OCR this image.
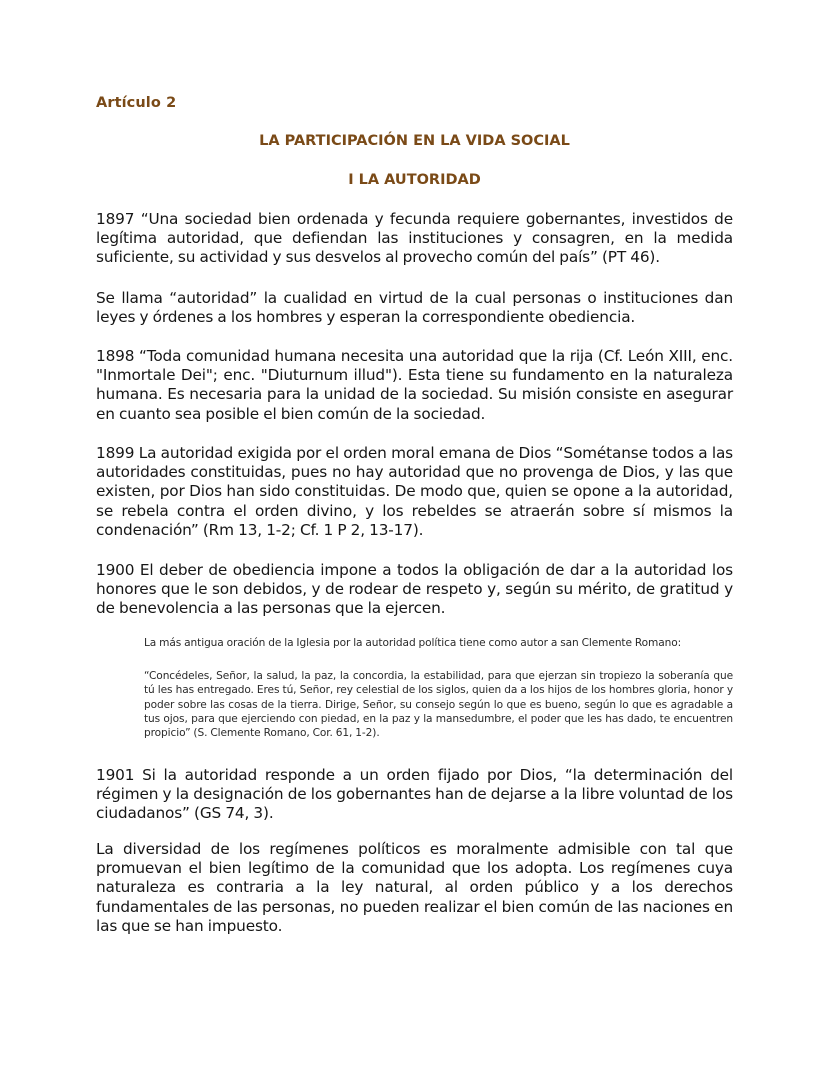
Artículo 2
LA PARTICIPACIÓN EN LA VIDA SOCIAL
I LA AUTORIDAD

1897 “Una sociedad bien ordenada y fecunda requiere gobernantes, investidos de legítima autoridad, que defiendan las instituciones y consagren, en la medida suficiente, su actividad y sus desvelos al provecho común del país” (PT 46).

Se llama “autoridad” la cualidad en virtud de la cual personas o instituciones dan leyes y órdenes a los hombres y esperan la correspondiente obediencia.

1898 “Toda comunidad humana necesita una autoridad que la rija (Cf. León XIII, enc. "Inmortale Dei"; enc. "Diuturnum illud"). Esta tiene su fundamento en la naturaleza humana. Es necesaria para la unidad de la sociedad. Su misión consiste en asegurar en cuanto sea posible el bien común de la sociedad.

1899 La autoridad exigida por el orden moral emana de Dios “Sométanse todos a las autoridades constituidas, pues no hay autoridad que no provenga de Dios, y las que existen, por Dios han sido constituidas. De modo que, quien se opone a la autoridad, se rebela contra el orden divino, y los rebeldes se atraerán sobre sí mismos la condenación” (Rm 13, 1-2; Cf. 1 P 2, 13-17).

1900 El deber de obediencia impone a todos la obligación de dar a la autoridad los honores que le son debidos, y de rodear de respeto y, según su mérito, de gratitud y de benevolencia a las personas que la ejercen.

La más antigua oración de la Iglesia por la autoridad política tiene como autor a san Clemente Romano:

“Concédeles, Señor, la salud, la paz, la concordia, la estabilidad, para que ejerzan sin tropiezo la soberanía que tú les has entregado. Eres tú, Señor, rey celestial de los siglos, quien da a los hijos de los hombres gloria, honor y poder sobre las cosas de la tierra. Dirige, Señor, su consejo según lo que es bueno, según lo que es agradable a tus ojos, para que ejerciendo con piedad, en la paz y la mansedumbre, el poder que les has dado, te encuentren propicio” (S. Clemente Romano, Cor. 61, 1-2).

1901 Si la autoridad responde a un orden fijado por Dios, “la determinación del régimen y la designación de los gobernantes han de dejarse a la libre voluntad de los ciudadanos” (GS 74, 3).

La diversidad de los regímenes políticos es moralmente admisible con tal que promuevan el bien legítimo de la comunidad que los adopta. Los regímenes cuya naturaleza es contraria a la ley natural, al orden público y a los derechos fundamentales de las personas, no pueden realizar el bien común de las naciones en las que se han impuesto.
